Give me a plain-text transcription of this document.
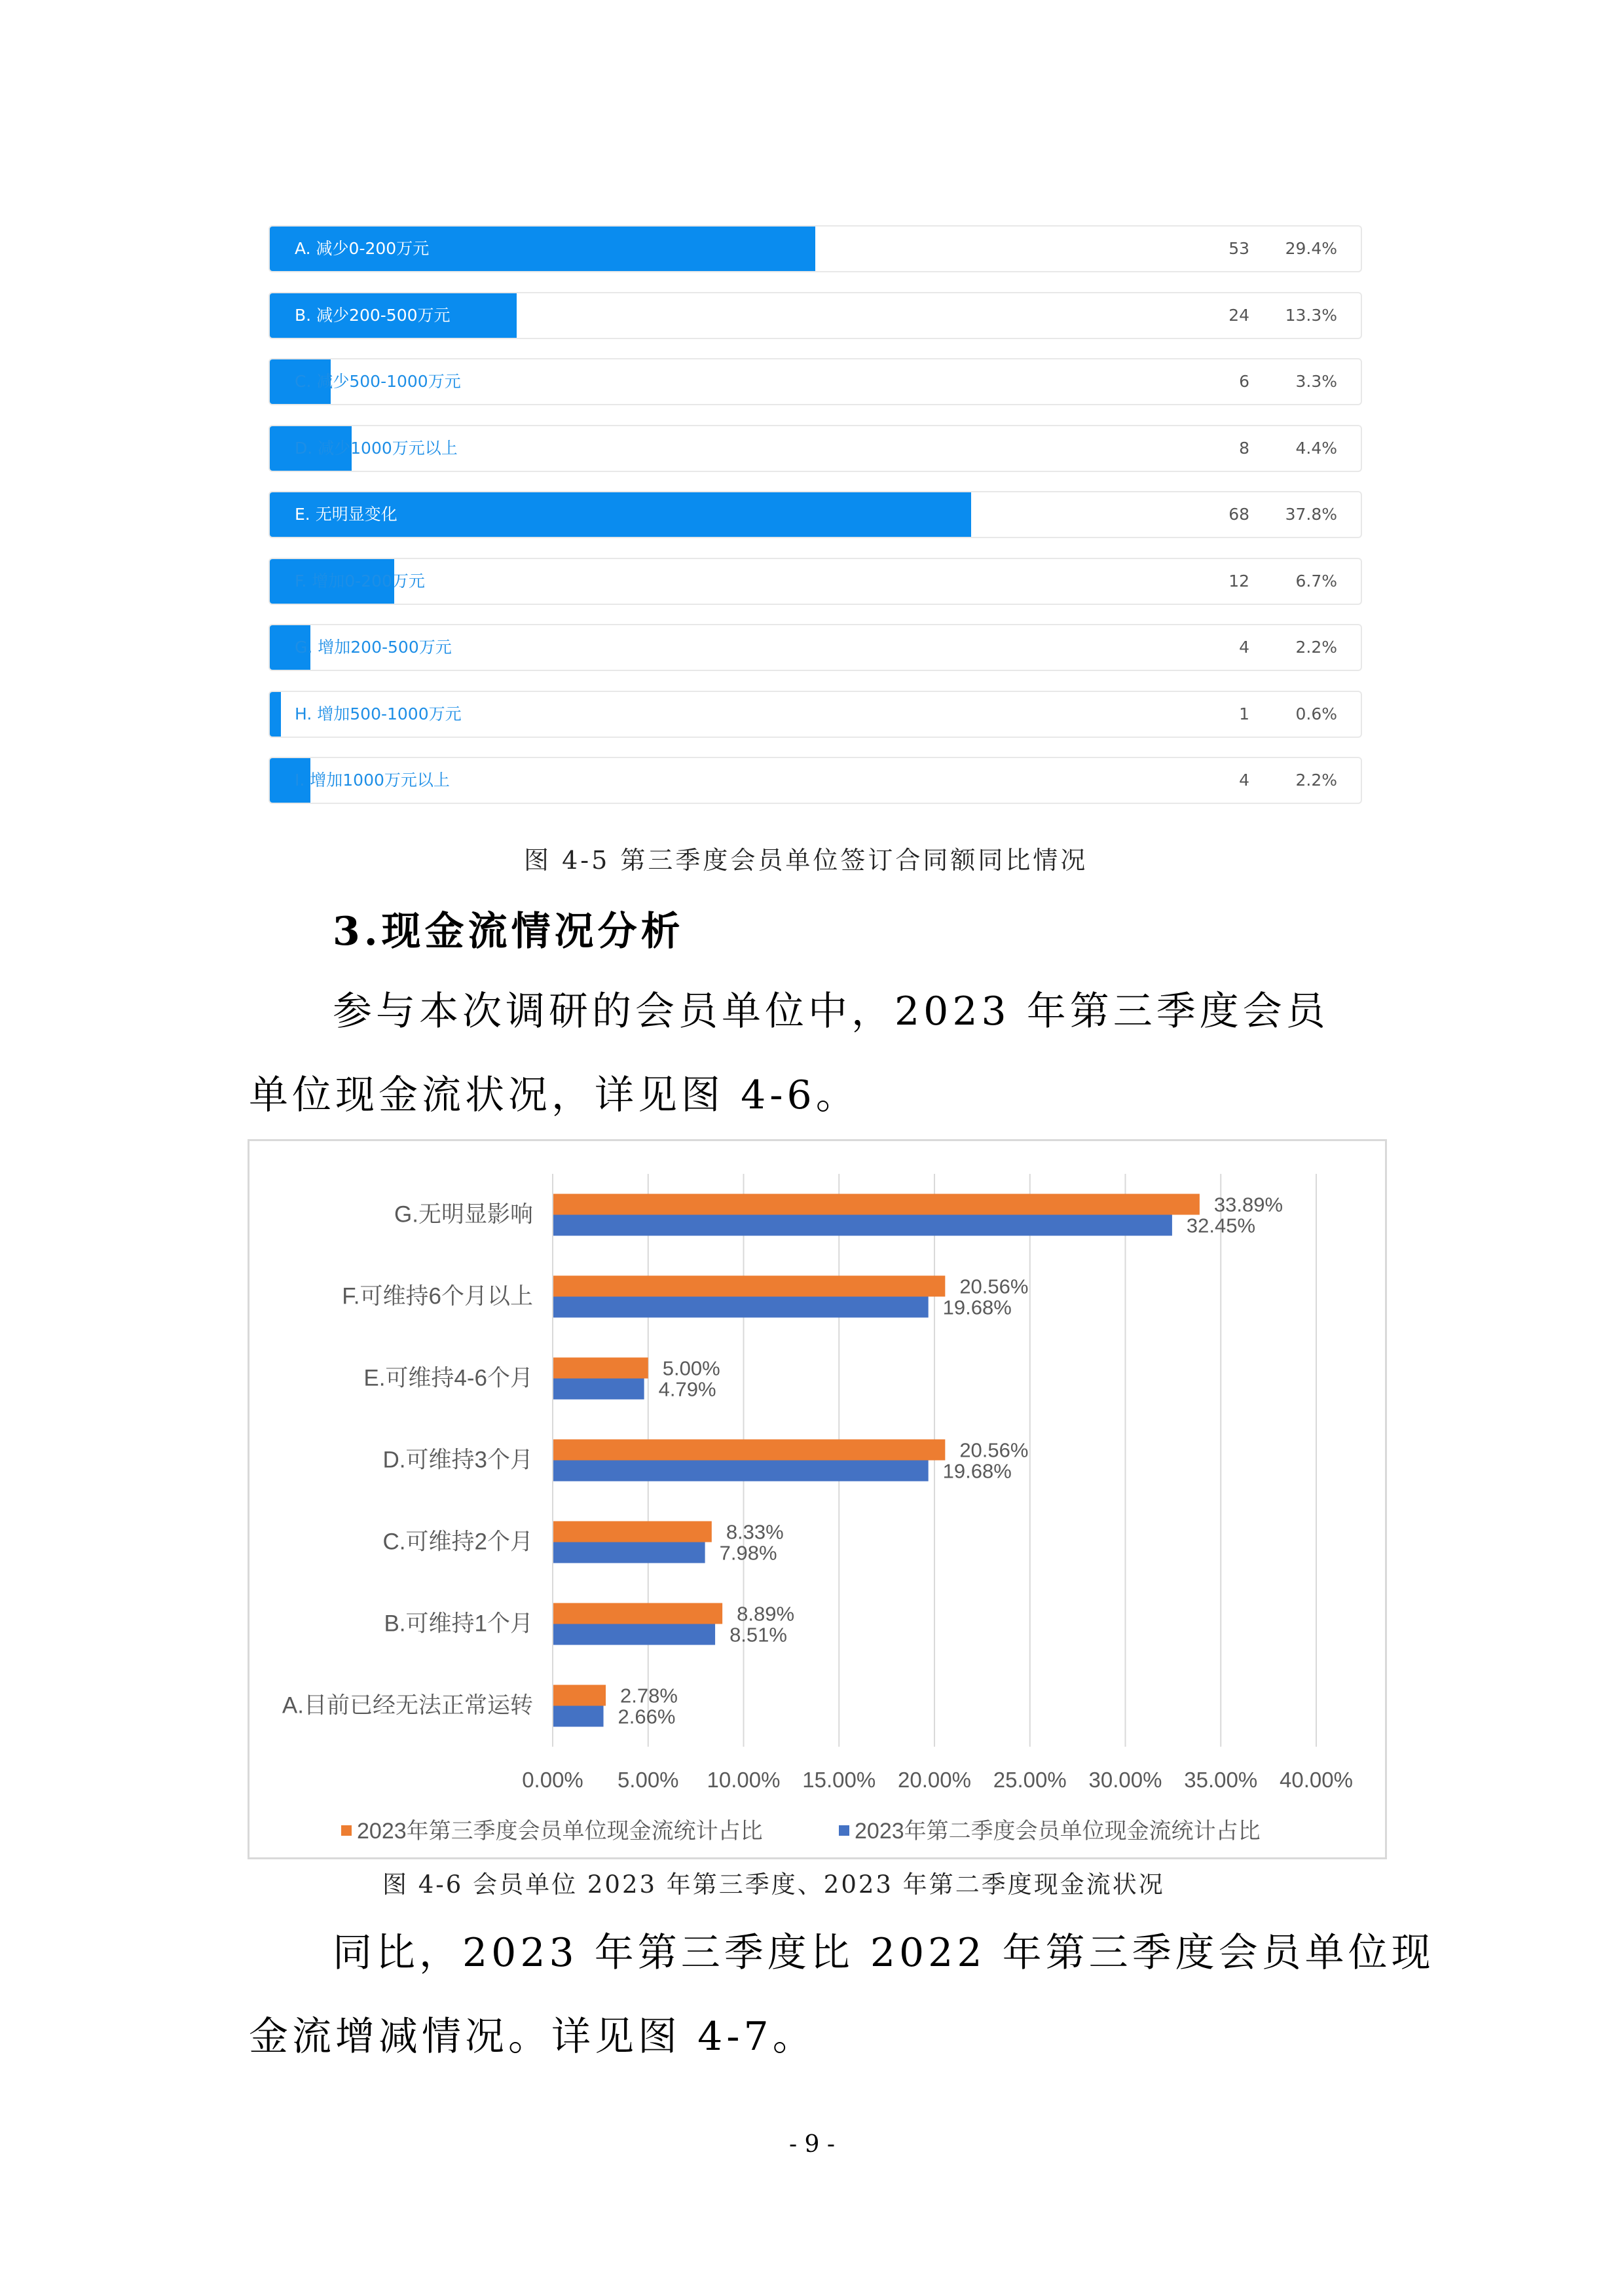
A. 减少0-200万元	53 29.4%
B. 减少200-500万元	24 13.3%
C. 减少500-1000万元	6	3.3%
D. 减少1000万元以上	8	4.4%
E. 无明显变化	68 37.8%
F. 增加0-200万元	12	6.7%
G. 增加200-500万元	4	2.2%
H. 增加500-1000万元	1	0.6%
I. 增加1000万元以上	4	2.2%
图 4-5 第三季度会员单位签订合同额同比情况
3.现金流情况分析
参与本次调研的会员单位中，2023 年第三季度会员
单位现金流状况，详见图 4-6。
0.00% 5.00% 10.00% 15.00% 20.00% 25.00% 30.00% 35.00% 40.00%
G.无明显影响	33.89%
32.45%
F.可维持6个月以上	20.56%
19.68%
E.可维持4-6个月	5.00%
4.79%
D.可维持3个月	20.56%
19.68%
C.可维持2个月	8.33%
7.98%
B.可维持1个月	8.89%
8.51%
A.目前已经无法正常运转	2.78%
2.66%
2023年第三季度会员单位现金流统计占比	2023年第二季度会员单位现金流统计占比
图 4-6 会员单位 2023 年第三季度、2023 年第二季度现金流状况
同比，2023 年第三季度比 2022 年第三季度会员单位现
金流增减情况。详见图 4-7。
- 9 -
